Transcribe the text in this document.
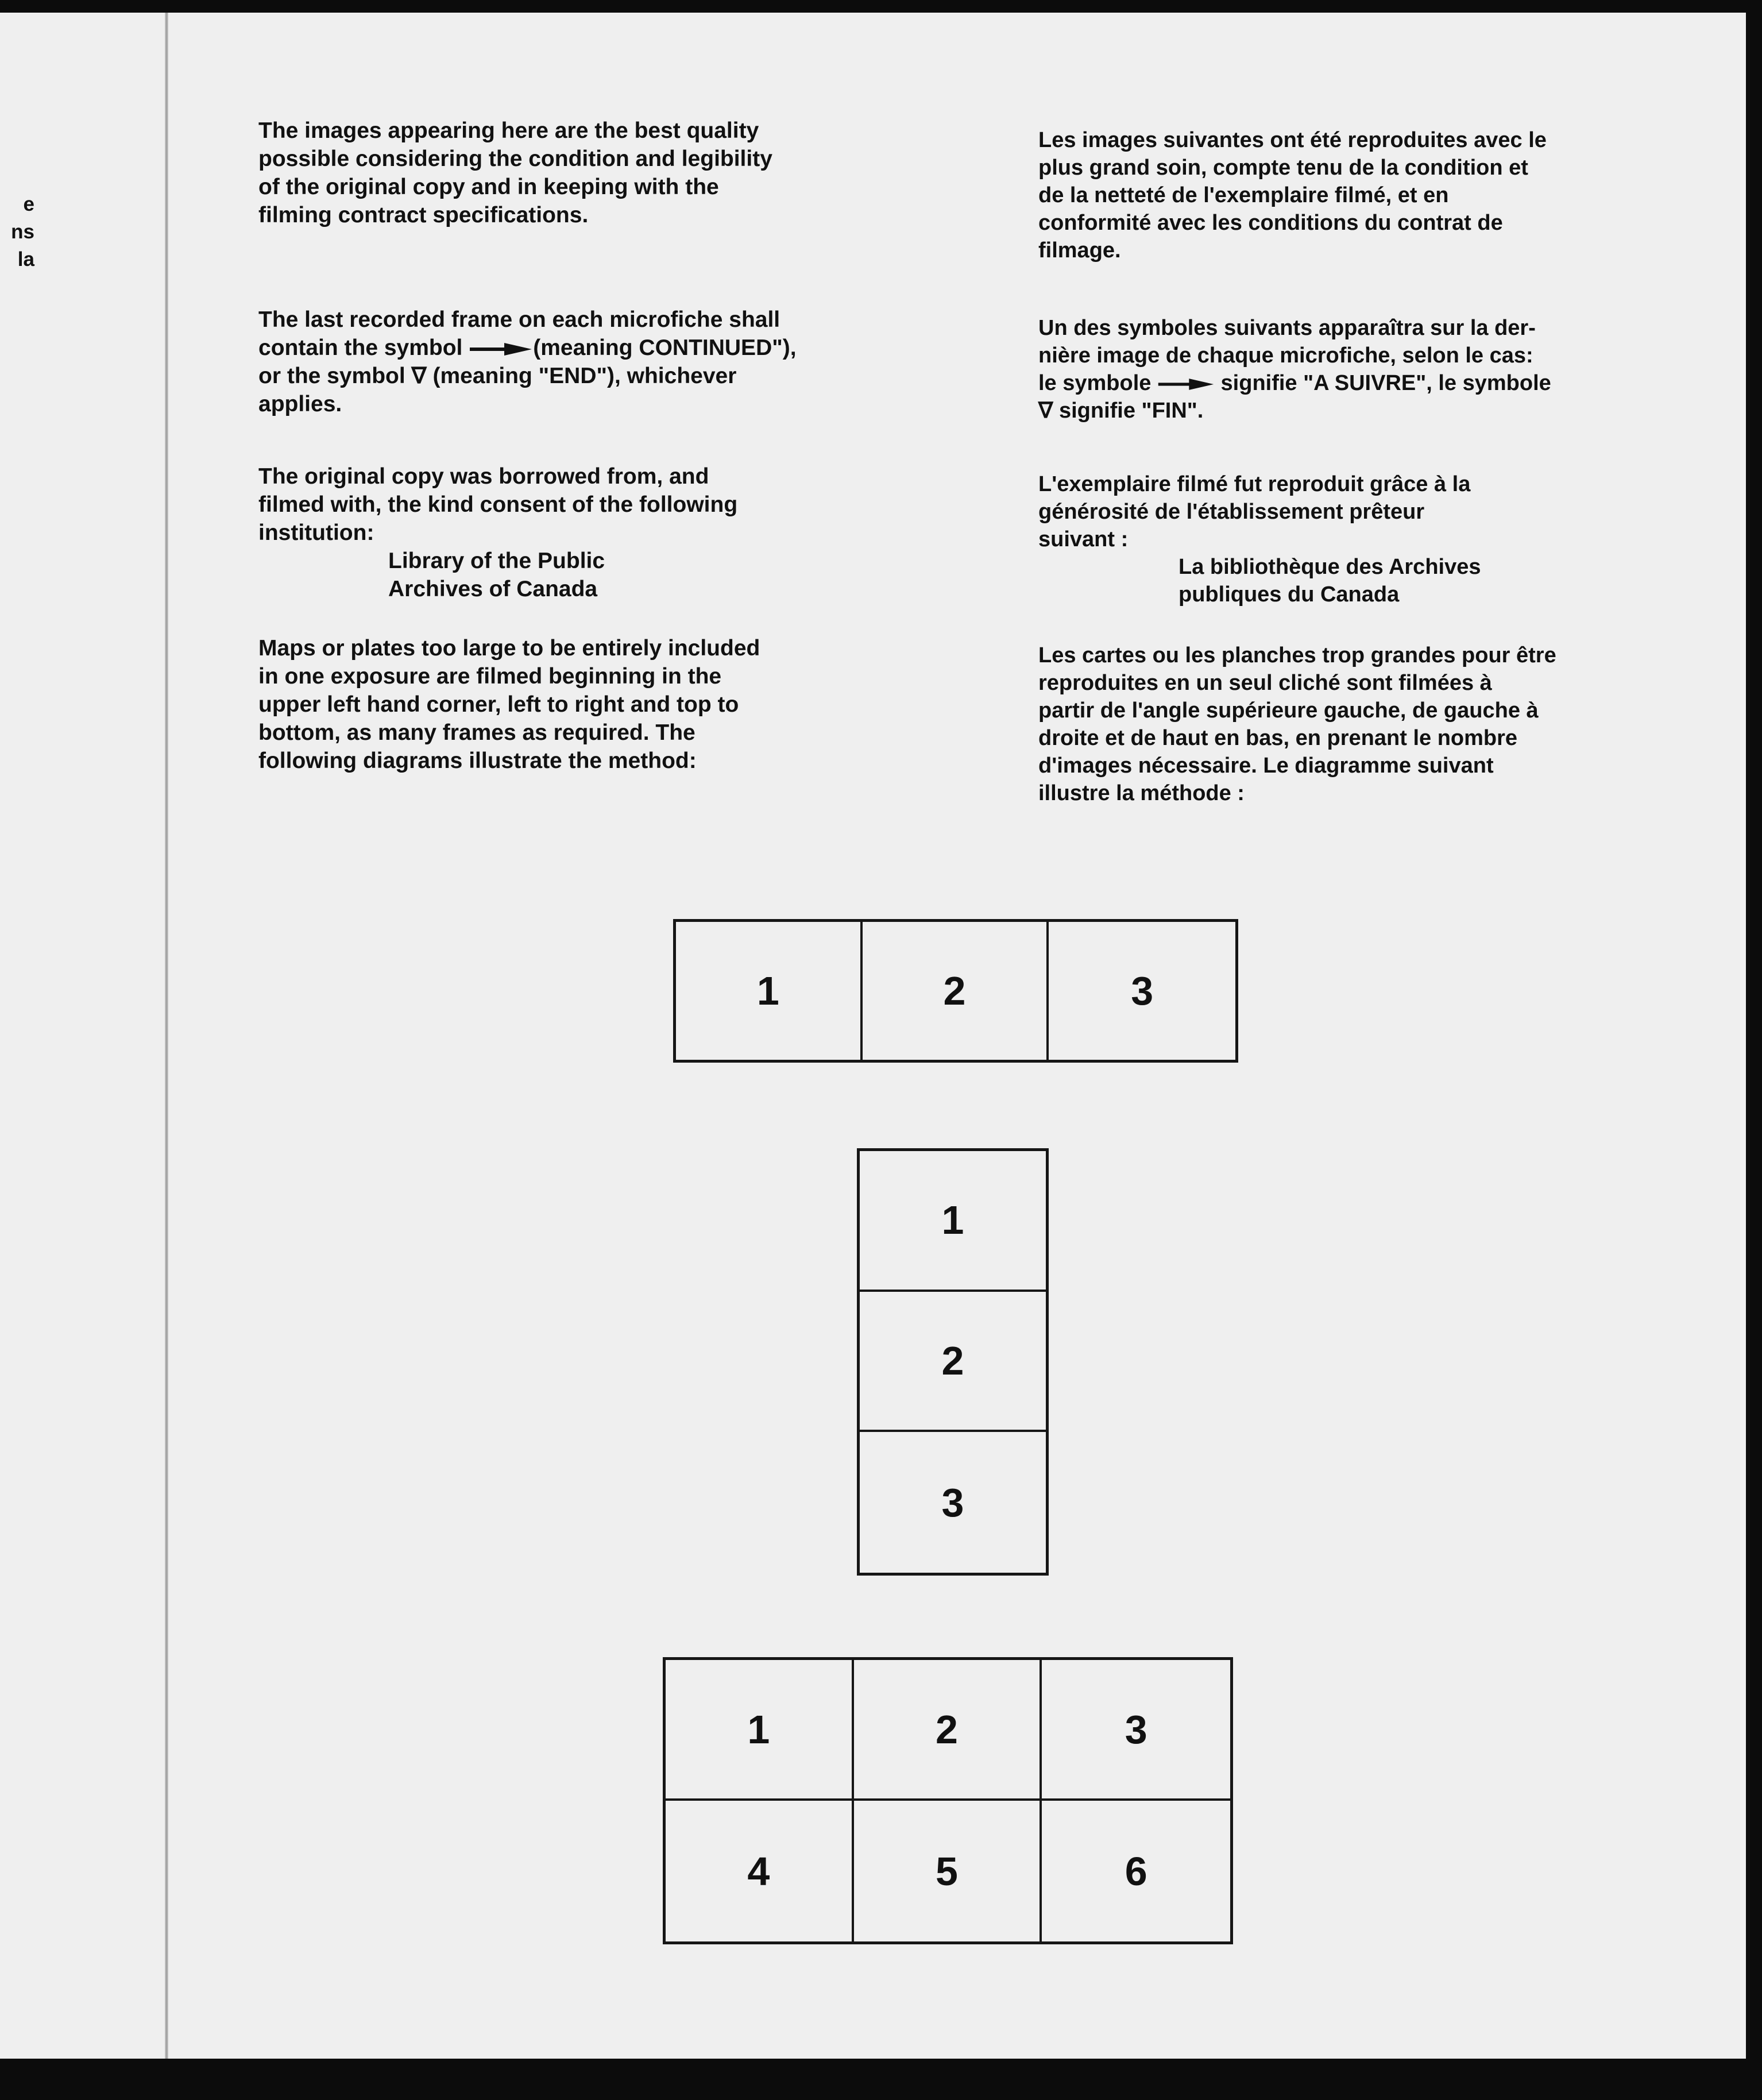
e
ns
la

The images appearing here are the best quality

possible considering the condition and legibility

of the original copy and in keeping with the

filming contract specifications.

The last recorded frame on each microfiche shall

contain the symbol	(meaning CONTINUED"),

or the symbol ∇ (meaning "END"), whichever

applies.

The original copy was borrowed from, and

filmed with, the kind consent of the following

institution:

Library of the Public

Archives of Canada

Maps or plates too large to be entirely included

in one exposure are filmed beginning in the

upper left hand corner, left to right and top to

bottom, as many frames as required. The

following diagrams illustrate the method:

Les images suivantes ont été reproduites avec le

plus grand soin, compte tenu de la condition et

de la netteté de l'exemplaire filmé, et en

conformité avec les conditions du contrat de

filmage.

Un des symboles suivants apparaîtra sur la der-

nière image de chaque microfiche, selon le cas:

le symbole	signifie "A SUIVRE", le symbole

∇ signifie "FIN".

L'exemplaire filmé fut reproduit grâce à la

générosité de l'établissement prêteur

suivant :

La bibliothèque des Archives

publiques du Canada

Les cartes ou les planches trop grandes pour être

reproduites en un seul cliché sont filmées à

partir de l'angle supérieure gauche, de gauche à

droite et de haut en bas, en prenant le nombre

d'images nécessaire. Le diagramme suivant

illustre la méthode :

1	2	3
1
2
3
1	2	3
4	5	6
